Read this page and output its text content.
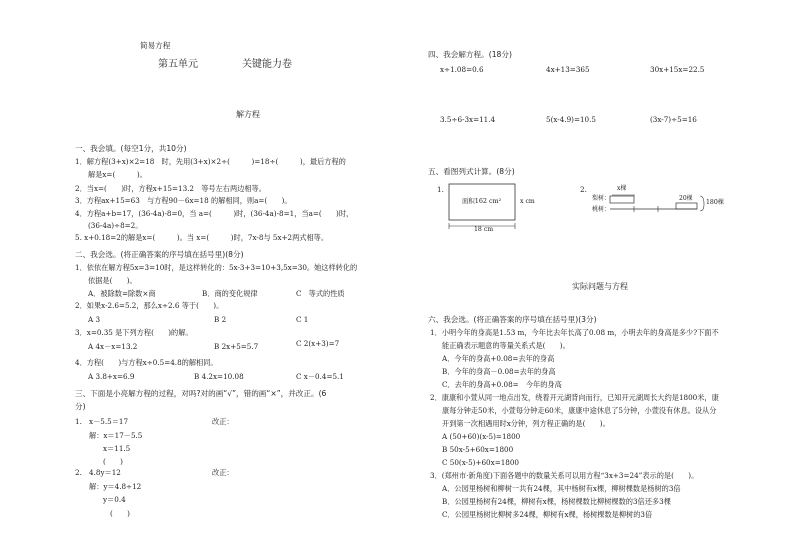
简易方程
第五单元	关键能力卷
解方程
一、我会填。(每空1分，共10分)
1．解方程(3+x)×2=18　时，先用(3+x)×2÷(　　　)=18÷(　　　)，最后方程的
解是x=(　　　)。
2．当x=(　　)时，方程x+15=13.2　等号左右两边相等。
3．方程ax+15=63　与方程90－6x=18 的解相同，则a=(　　)。
4．方程a+b=17，(36-4a)-8=0，当 a=(　　　)时，(36-4a)-8=1，当a=(　　)时，
(36-4a)÷8=2。
5. x+0.18=2的解是x=(　　　)。当 x=(　　　)时，7x-8与 5x+2两式相等。
二、我会选。(将正确答案的序号填在括号里)(8分)
1．依依在解方程5x=3=10时，是这样转化的：5x-3+3=10+3,5x=30。她这样转化的
依据是(　　)。
A．被除数=除数×商	B．商的变化规律	C　等式的性质
2．如果x-2.6=5.2，那么x÷2.6 等于(　　)。
A 3	B 2	C 1
3．x=0.35 是下列方程(　　)的解。
A 4x－x=13.2	B 2x+5=5.7	C 2(x+3)=7
4．方程(　　)与方程x÷0.5=4.8的解相同。
A 3.8+x=6.9	B 4.2x=10.08	C x－0.4=5.1
三、下面是小亮解方程的过程，对吗?对的画“√”，错的画“×”，并改正。(6
分)
1.　x－5.5＝17
解：x＝17－5.5
x＝11.5
(　　)
改正：
2.　4.8y＝12
解：y＝4.8÷12
y＝0.4
(　　)
改正：
四、我会解方程。(18分)
x÷1.08=0.6	4x+13=365	30x+15x=22.5
3.5÷6-3x=11.4	5(x-4.9)=10.5	(3x-7)÷5=16
五、看图列式计算。(8分)
1.
面积162 cm²	x cm
18 cm
2.	x棵
梨树：
桃树：
20棵
180棵
实际问题与方程
六、我会选。(将正确答案的序号填在括号里)(3分)
1．小明今年的身高是1.53 m，今年比去年长高了0.08 m，小明去年的身高是多少?下面不
能正确表示题意的等量关系式是(　　)。
A．今年的身高+0.08=去年的身高
B．今年的身高－0.08=去年的身高
C．去年的身高+0.08=　今年的身高
2．康康和小萱从同一地点出发，绕着开元湖背向而行，已知开元湖周长大约是1800米，康
康每分钟走50米，小萱每分钟走60米，康康中途休息了5分钟，小萱没有休息。设从分
开到第一次相遇用时x分钟，列方程正确的是(　　)。
A (50+60)(x-5)=1800
B 50x-5+60x=1800
C 50(x-5)+60x=1800
3．(郑州市·新角度)下面各题中的数量关系可以用方程“3x+3=24”表示的是(　　)。
A．公园里杨树和柳树一共有24棵，其中杨树有x棵，柳树棵数是杨树的3倍
B．公园里杨树有24棵，柳树有x棵，杨树棵数比柳树棵数的3倍还多3棵
C．公园里杨树比柳树多24棵，柳树有x棵，杨树棵数是柳树的3倍
